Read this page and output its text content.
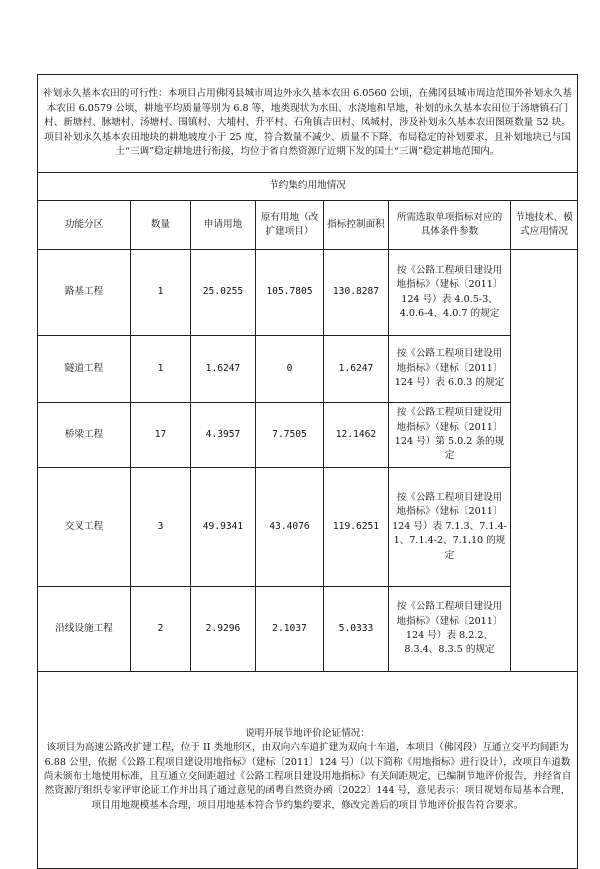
补划永久基本农田的可行性：本项目占用佛冈县城市周边外永久基本农田 6.0560 公顷，在佛冈县城市周边范围外补划永久基本农田 6.0579 公顷，耕地平均质量等别为 6.8 等，地类现状为水田、水浇地和旱地，补划的永久基本农田位于汤塘镇石门村、新塘村、脉塘村、汤塘村、围镇村、大埔村、升平村、石角镇吉田村、凤城村，涉及补划永久基本农田图斑数量 52 块。项目补划永久基本农田地块的耕地坡度小于 25 度，符合数量不减少、质量不下降、布局稳定的补划要求，且补划地块已与国土“三调”稳定耕地进行衔接，均位于省自然资源厅近期下发的国土“三调”稳定耕地范围内。						
节约集约用地情况						
功能分区	数量	申请用地	原有用地（改扩建项目）	指标控制面积	所需选取单项指标对应的具体条件参数	节地技术、模式应用情况
路基工程	1	25.0255	105.7805	130.8287	按《公路工程项目建设用地指标》（建标〔2011〕124 号）表 4.0.5-3、4.0.6-4、4.0.7 的规定	
隧道工程	1	1.6247	0	1.6247	按《公路工程项目建设用地指标》（建标〔2011〕124 号）表 6.0.3 的规定	
桥梁工程	17	4.3957	7.7505	12.1462	按《公路工程项目建设用地指标》（建标〔2011〕124 号）第 5.0.2 条的规定	
交叉工程	3	49.9341	43.4076	119.6251	按《公路工程项目建设用地指标》（建标〔2011〕124 号）表 7.1.3、7.1.4-1、7.1.4-2、7.1.10 的规定	
沿线设施工程	2	2.9296	2.1037	5.0333	按《公路工程项目建设用地指标》（建标〔2011〕124 号）表 8.2.2、8.3.4、8.3.5 的规定	

说明开展节地评价论证情况：

该项目为高速公路改扩建工程，位于 II 类地形区，由双向六车道扩建为双向十车道，本项目（佛冈段）互通立交平均间距为 6.88 公里，依据《公路工程项目建设用地指标》（建标〔2011〕124 号）（以下简称《用地指标》进行设计），改项目车道数尚未颁布土地使用标准，且互通立交间距超过《公路工程项目建设用地指标》有关间距规定，已编制节地评价报告，并经省自然资源厅组织专家评审论证工作并出具了通过意见的函粤自然资办函〔2022〕144 号，意见表示：项目规划布局基本合理，项目用地规模基本合理，项目用地基本符合节约集约要求，修改完善后的项目节地评价报告符合要求。						
